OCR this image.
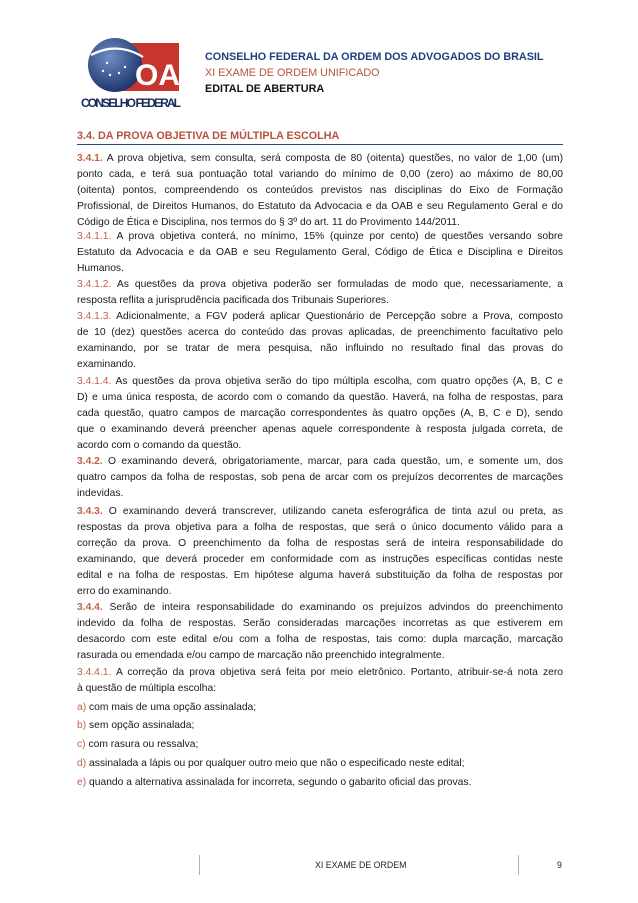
OAB
CONSELHO FEDERAL
CONSELHO FEDERAL DA ORDEM DOS ADVOGADOS DO BRASIL
XI EXAME DE ORDEM UNIFICADO
EDITAL DE ABERTURA
3.4. DA PROVA OBJETIVA DE MÚLTIPLA ESCOLHA
3.4.1. A prova objetiva, sem consulta, será composta de 80 (oitenta) questões, no valor de 1,00 (um)
ponto cada, e terá sua pontuação total variando do mínimo de 0,00 (zero) ao máximo de 80,00
(oitenta) pontos, compreendendo os conteúdos previstos nas disciplinas do Eixo de Formação
Profissional, de Direitos Humanos, do Estatuto da Advocacia e da OAB e seu Regulamento Geral e do
Código de Ética e Disciplina, nos termos do § 3º do art. 11 do Provimento 144/2011.
3.4.1.1. A prova objetiva conterá, no mínimo, 15% (quinze por cento) de questões versando sobre
Estatuto da Advocacia e da OAB e seu Regulamento Geral, Código de Ética e Disciplina e Direitos
Humanos.
3.4.1.2. As questões da prova objetiva poderão ser formuladas de modo que, necessariamente, a
resposta reflita a jurisprudência pacificada dos Tribunais Superiores.
3.4.1.3. Adicionalmente, a FGV poderá aplicar Questionário de Percepção sobre a Prova, composto
de 10 (dez) questões acerca do conteúdo das provas aplicadas, de preenchimento facultativo pelo
examinando, por se tratar de mera pesquisa, não influindo no resultado final das provas do
examinando.
3.4.1.4. As questões da prova objetiva serão do tipo múltipla escolha, com quatro opções (A, B, C e
D) e uma única resposta, de acordo com o comando da questão. Haverá, na folha de respostas, para
cada questão, quatro campos de marcação correspondentes às quatro opções (A, B, C e D), sendo
que o examinando deverá preencher apenas aquele correspondente à resposta julgada correta, de
acordo com o comando da questão.
3.4.2. O examinando deverá, obrigatoriamente, marcar, para cada questão, um, e somente um, dos
quatro campos da folha de respostas, sob pena de arcar com os prejuízos decorrentes de marcações
indevidas.
3.4.3. O examinando deverá transcrever, utilizando caneta esferográfica de tinta azul ou preta, as
respostas da prova objetiva para a folha de respostas, que será o único documento válido para a
correção da prova. O preenchimento da folha de respostas será de inteira responsabilidade do
examinando, que deverá proceder em conformidade com as instruções específicas contidas neste
edital e na folha de respostas. Em hipótese alguma haverá substituição da folha de respostas por
erro do examinando.
3.4.4. Serão de inteira responsabilidade do examinando os prejuízos advindos do preenchimento
indevido da folha de respostas. Serão consideradas marcações incorretas as que estiverem em
desacordo com este edital e/ou com a folha de respostas, tais como: dupla marcação, marcação
rasurada ou emendada e/ou campo de marcação não preenchido integralmente.
3.4.4.1. A correção da prova objetiva será feita por meio eletrônico. Portanto, atribuir-se-á nota zero
à questão de múltipla escolha:
a) com mais de uma opção assinalada;
b) sem opção assinalada;
c) com rasura ou ressalva;
d) assinalada a lápis ou por qualquer outro meio que não o especificado neste edital;
e) quando a alternativa assinalada for incorreta, segundo o gabarito oficial das provas.
XI EXAME DE ORDEM	9
